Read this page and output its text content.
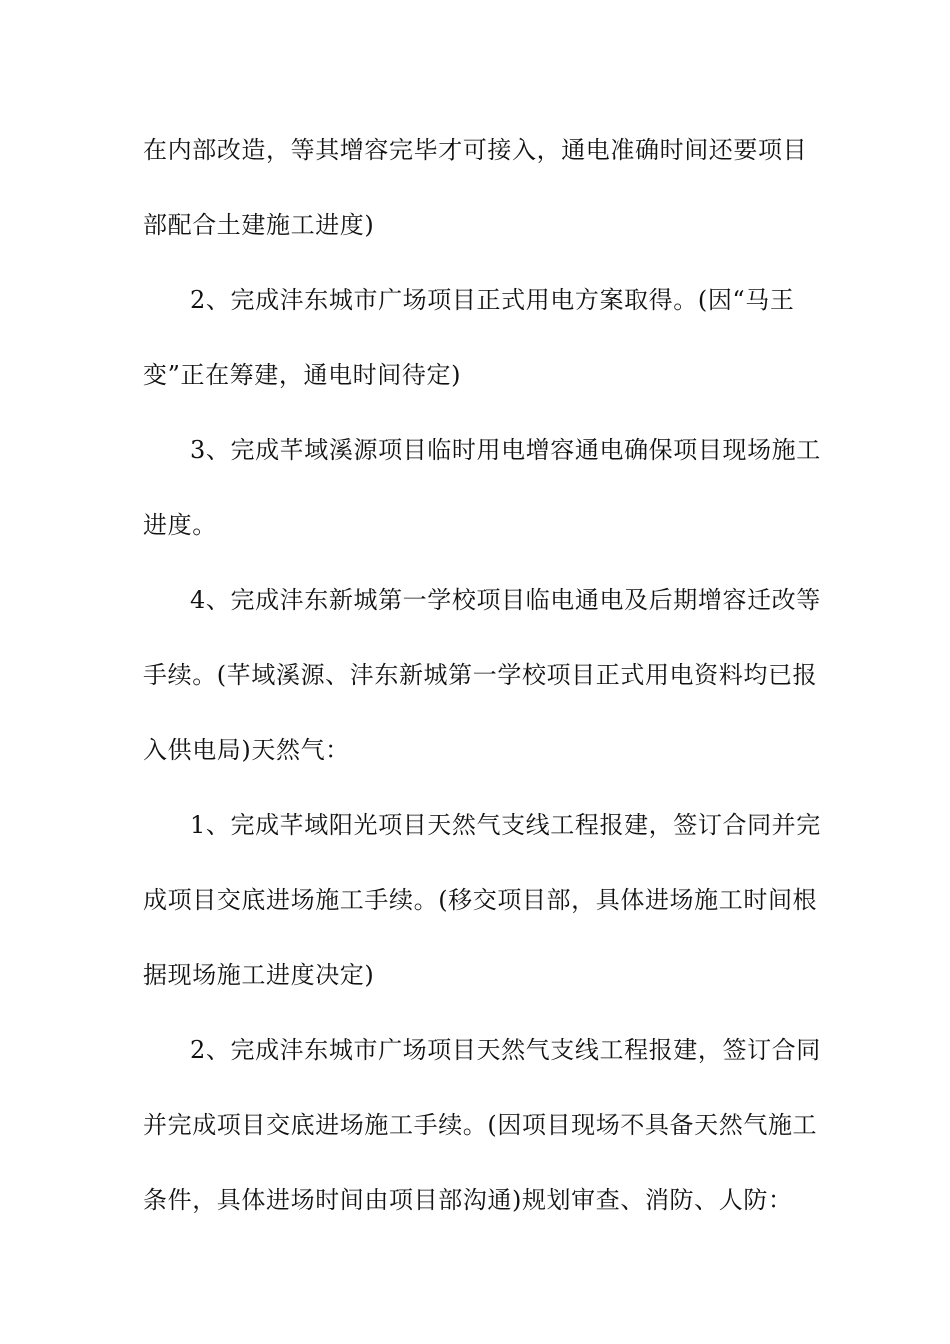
在内部改造，等其增容完毕才可接入，通电准确时间还要项目
部配合土建施工进度)
2、完成沣东城市广场项目正式用电方案取得。(因“马王
变”正在筹建，通电时间待定)
3、完成芊域溪源项目临时用电增容通电确保项目现场施工
进度。
4、完成沣东新城第一学校项目临电通电及后期增容迁改等
手续。(芊域溪源、沣东新城第一学校项目正式用电资料均已报
入供电局)天然气：
1、完成芊域阳光项目天然气支线工程报建，签订合同并完
成项目交底进场施工手续。(移交项目部，具体进场施工时间根
据现场施工进度决定)
2、完成沣东城市广场项目天然气支线工程报建，签订合同
并完成项目交底进场施工手续。(因项目现场不具备天然气施工
条件，具体进场时间由项目部沟通)规划审查、消防、人防：
